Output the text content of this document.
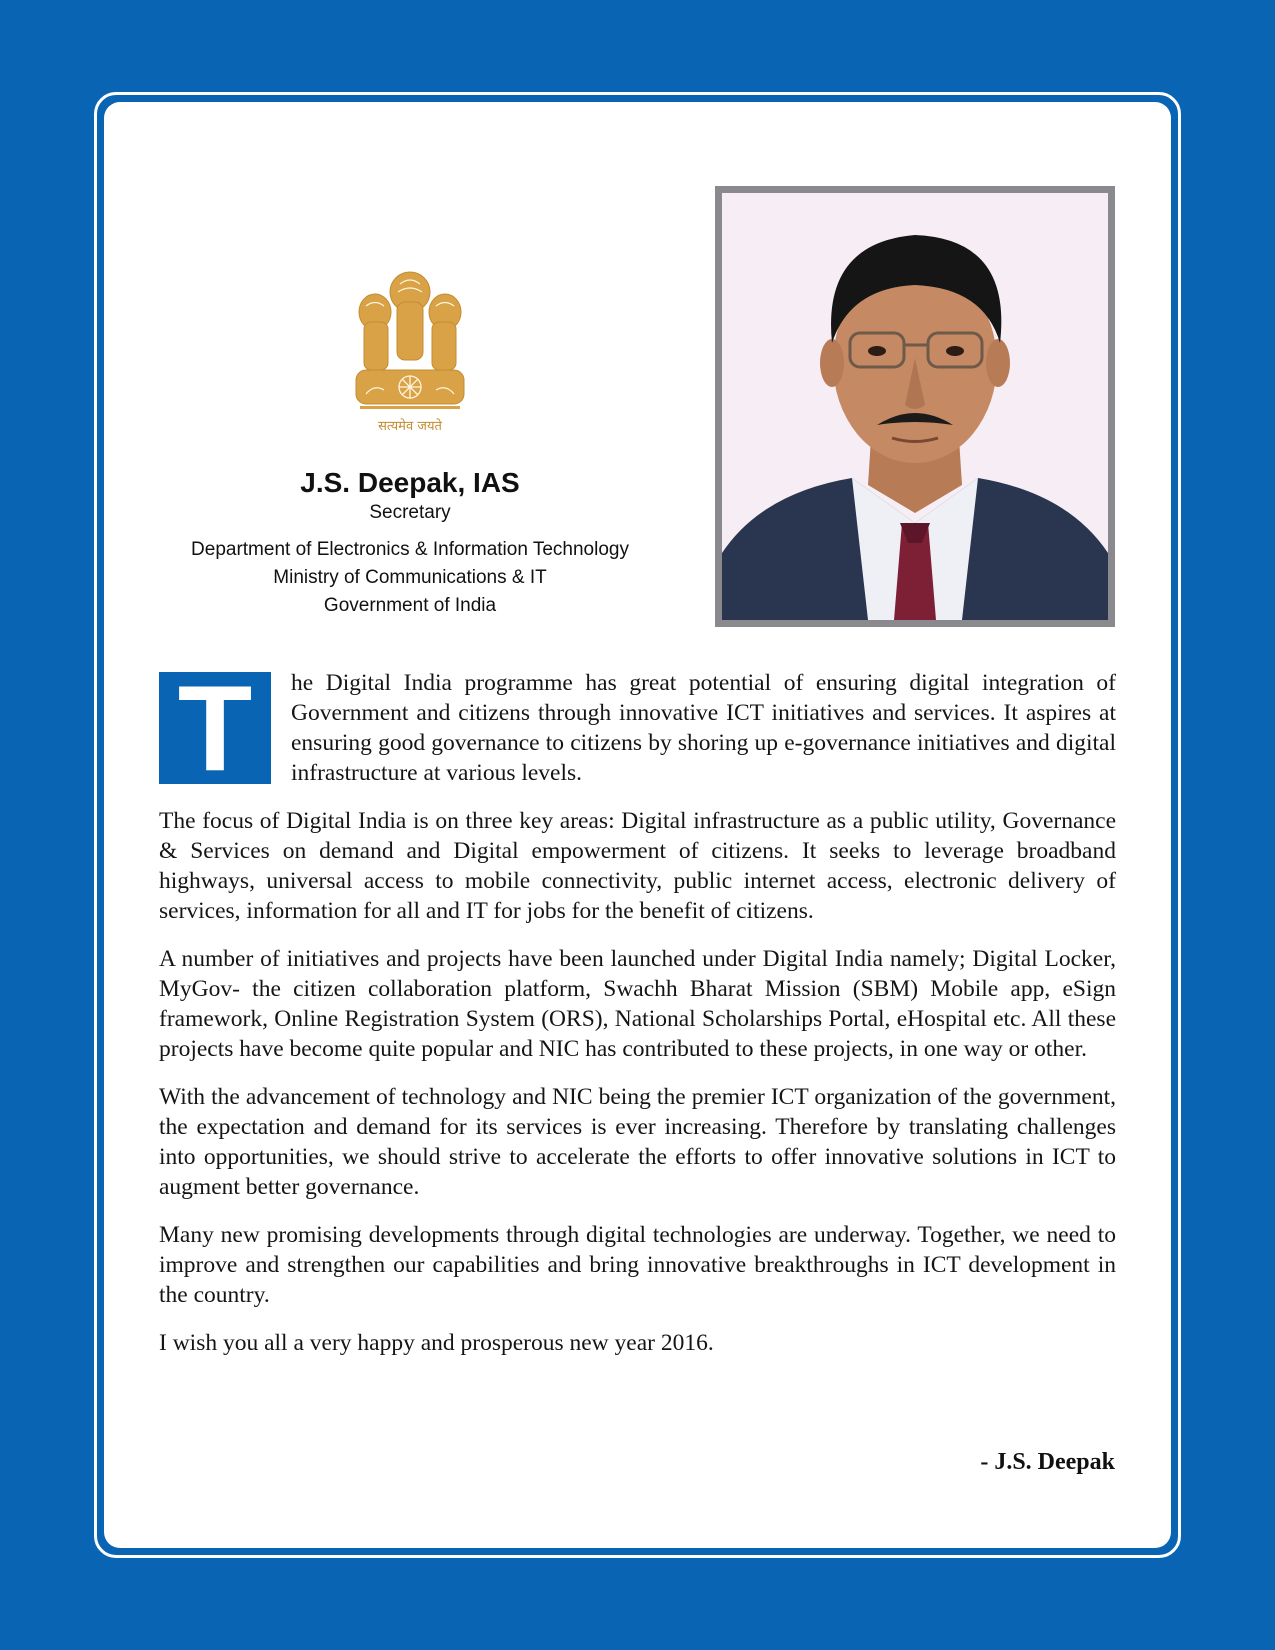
सत्यमेव जयते

J.S. Deepak, IAS

Secretary

Department of Electronics & Information Technology

Ministry of Communications & IT

Government of India

T	he Digital India programme has great potential of ensuring digital integration of Government and citizens through innovative ICT initiatives and services. It aspires at ensuring good governance to citizens by shoring up e-governance initiatives and digital infrastructure at various levels.

The focus of Digital India is on three key areas: Digital infrastructure as a public utility, Governance & Services on demand and Digital empowerment of citizens. It seeks to leverage broadband highways, universal access to mobile connectivity, public internet access, electronic delivery of services, information for all and IT for jobs for the benefit of citizens.

A number of initiatives and projects have been launched under Digital India namely; Digital Locker, MyGov- the citizen collaboration platform, Swachh Bharat Mission (SBM) Mobile app, eSign framework, Online Registration System (ORS), National Scholarships Portal, eHospital etc. All these projects have become quite popular and NIC has contributed to these projects, in one way or other.

With the advancement of technology and NIC being the premier ICT organization of the government, the expectation and demand for its services is ever increasing. Therefore by translating challenges into opportunities, we should strive to accelerate the efforts to offer innovative solutions in ICT to augment better governance.

Many new promising developments through digital technologies are underway. Together, we need to improve and strengthen our capabilities and bring innovative breakthroughs in ICT development in the country.

I wish you all a very happy and prosperous new year 2016.

- J.S. Deepak
